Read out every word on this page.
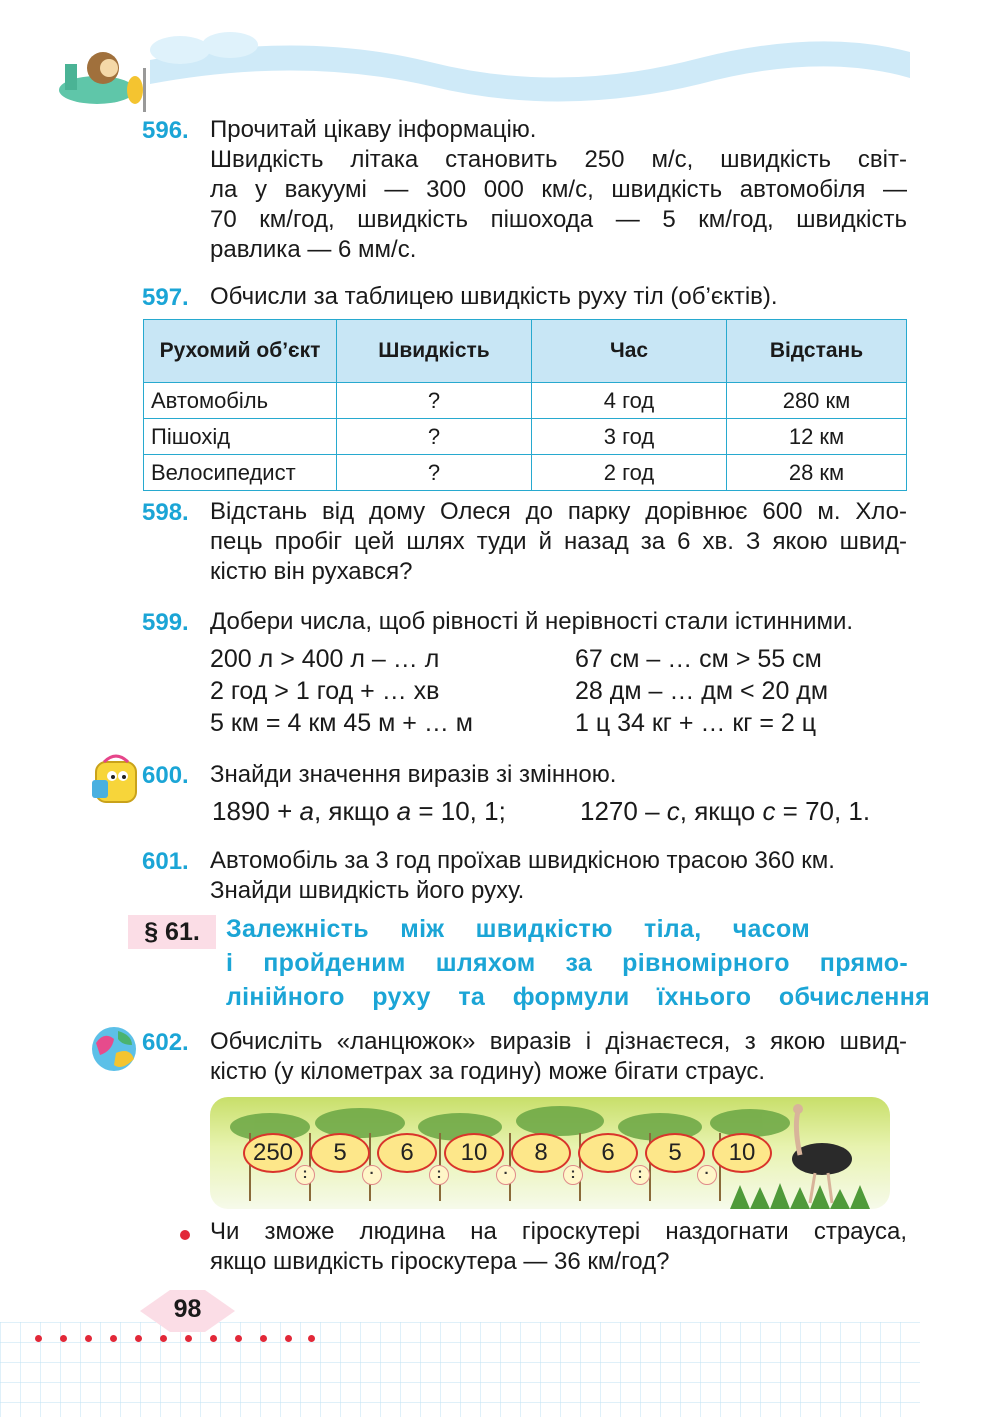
596. Прочитай цікаву інформацію.
Швидкість літака становить 250 м/с, швидкість світ-
ла у вакуумі — 300 000 км/с, швидкість автомобіля —
70 км/год, швидкість пішохода — 5 км/год, швидкість
равлика — 6 мм/с.
597. Обчисли за таблицею швидкість руху тіл (об’єктів).
Рухомий об’єкт	Швидкість	Час	Відстань
Автомобіль	?	4 год	280 км
Пішохід	?	3 год	12 км
Велосипедист	?	2 год	28 км
598. Відстань від дому Олеся до парку дорівнює 600 м. Хло-
пець пробіг цей шлях туди й назад за 6 хв. З якою швид-
кістю він рухався?
599. Добери числа, щоб рівності й нерівності стали істинними.
200 л > 400 л – … л
2 год > 1 год + … хв
5 км = 4 км 45 м + … м
67 см – … см > 55 см
28 дм – … дм < 20 дм
1 ц 34 кг + … кг = 2 ц
600. Знайди значення виразів зі змінною.
1890 + a, якщо a = 10, 1;	1270 – c, якщо c = 70, 1.
601. Автомобіль за 3 год проїхав швидкісною трасою 360 км.
Знайди швидкість його руху.
§ 61.	Залежність між швидкістю тіла, часом
і пройденим шляхом за рівномірного прямо-
лінійного руху та формули їхнього обчислення
602. Обчисліть «ланцюжок» виразів і дізнаєтеся, з якою швид-
кістю (у кілометрах за годину) може бігати страус.
250	5	6	10	8	6	5	10
:	·	:	·	:	:	·
Чи зможе людина на гіроскутері наздогнати страуса,
якщо швидкість гіроскутера — 36 км/год?
98
